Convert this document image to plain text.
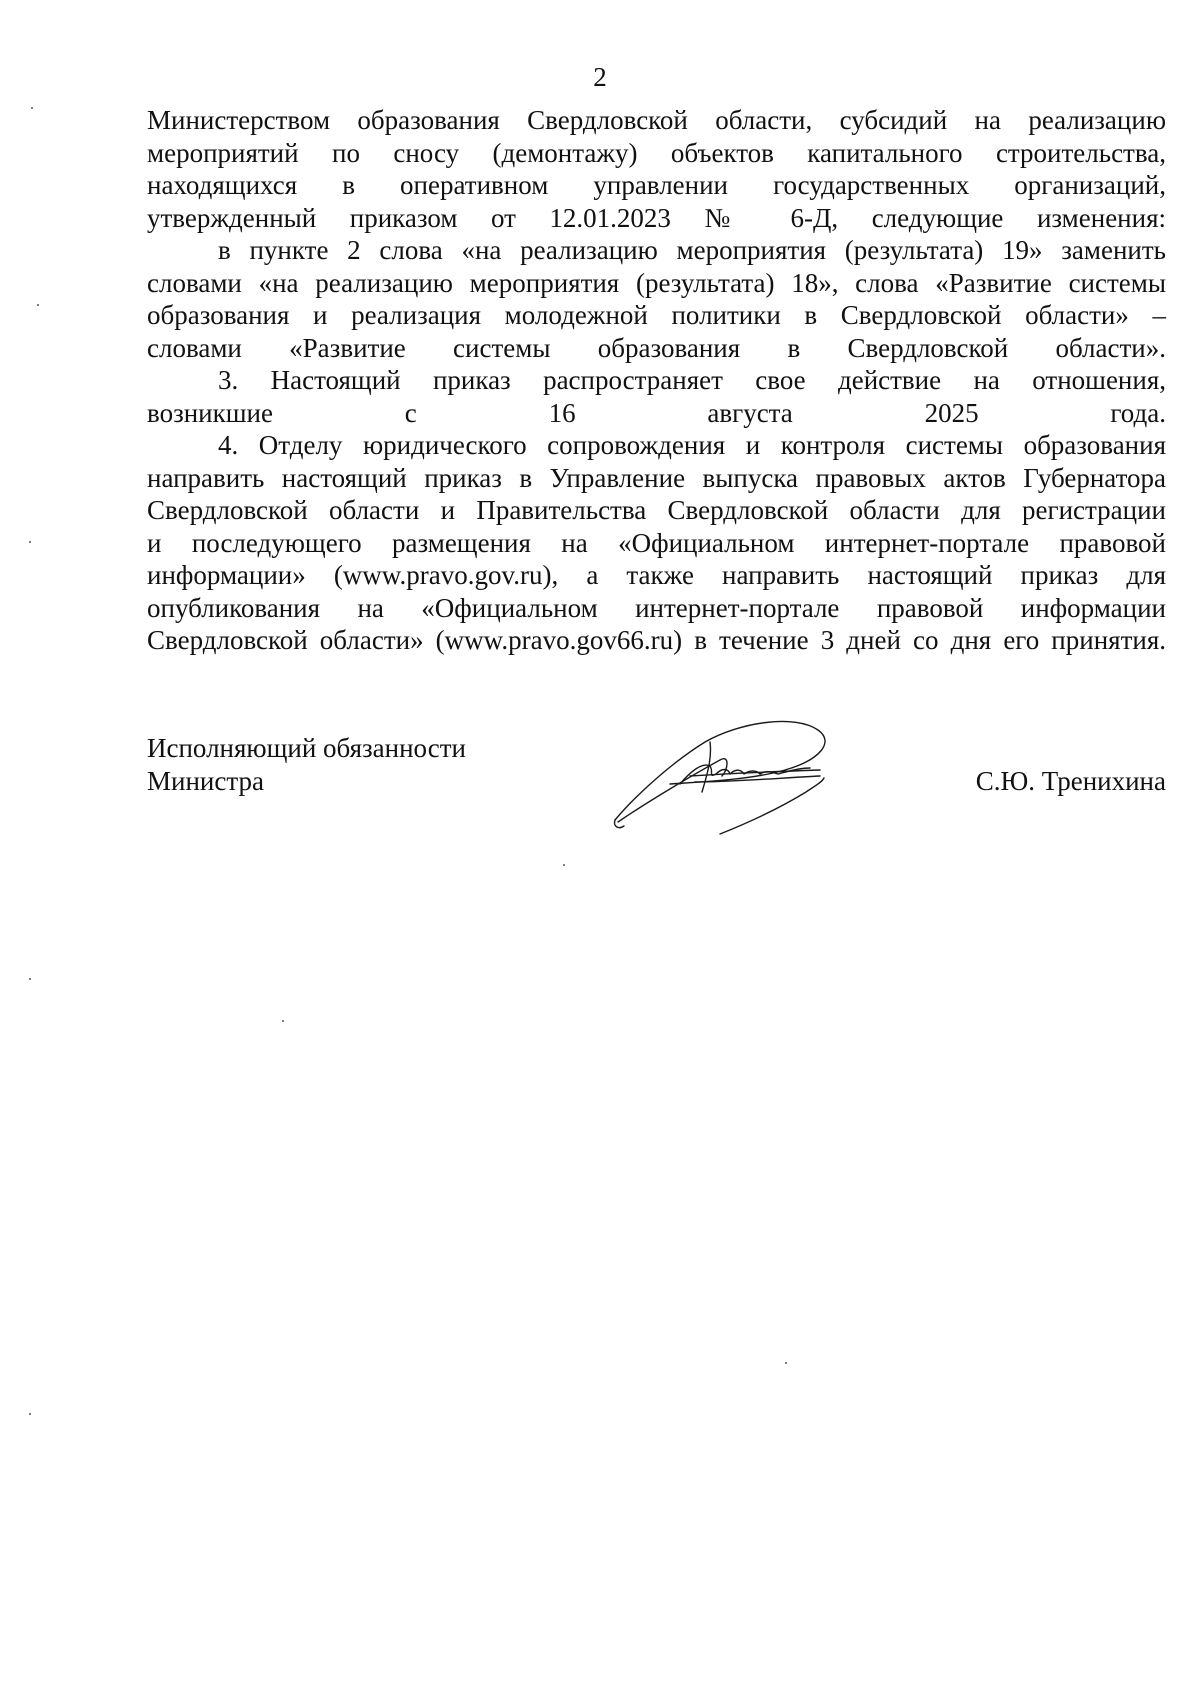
2
Министерством образования Свердловской области, субсидий на реализацию
мероприятий по сносу (демонтажу) объектов капитального строительства,
находящихся в оперативном управлении государственных организаций,
утвержденный приказом от 12.01.2023 № 6-Д, следующие изменения:
в пункте 2 слова «на реализацию мероприятия (результата) 19» заменить
словами «на реализацию мероприятия (результата) 18», слова «Развитие системы
образования и реализация молодежной политики в Свердловской области» –
словами «Развитие системы образования в Свердловской области».
3. Настоящий приказ распространяет свое действие на отношения,
возникшие с 16 августа 2025 года.
4. Отделу юридического сопровождения и контроля системы образования
направить настоящий приказ в Управление выпуска правовых актов Губернатора
Свердловской области и Правительства Свердловской области для регистрации
и последующего размещения на «Официальном интернет-портале правовой
информации» (www.pravo.gov.ru), а также направить настоящий приказ для
опубликования на «Официальном интернет-портале правовой информации
Свердловской области» (www.pravo.gov66.ru) в течение 3 дней со дня его принятия.
Исполняющий обязанности
Министра	С.Ю. Тренихина
